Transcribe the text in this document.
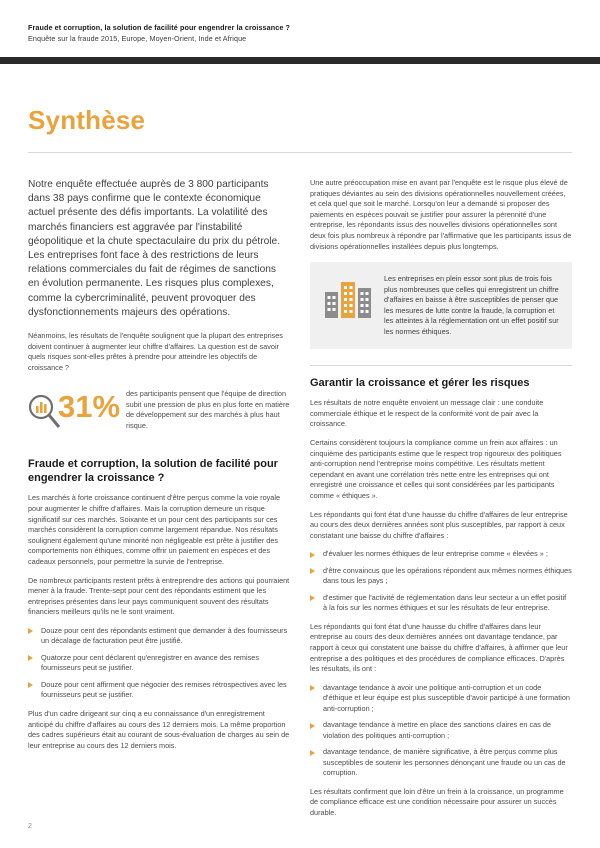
Fraude et corruption, la solution de facilité pour engendrer la croissance ?
Enquête sur la fraude 2015, Europe, Moyen-Orient, Inde et Afrique
Synthèse

Notre enquête effectuée auprès de 3 800 participants dans 38 pays confirme que le contexte économique actuel présente des défis importants. La volatilité des marchés financiers est aggravée par l'instabilité géopolitique et la chute spectaculaire du prix du pétrole. Les entreprises font face à des restrictions de leurs relations commerciales du fait de régimes de sanctions en évolution permanente. Les risques plus complexes, comme la cybercriminalité, peuvent provoquer des dysfonctionnements majeurs des opérations.

Néanmoins, les résultats de l'enquête soulignent que la plupart des entreprises doivent continuer à augmenter leur chiffre d'affaires. La question est de savoir quels risques sont-elles prêtes à prendre pour atteindre les objectifs de croissance ?

31% des participants pensent que l'équipe de direction subit une pression de plus en plus forte en matière de développement sur des marchés à plus haut risque.
Fraude et corruption, la solution de facilité pour engendrer la croissance ?

Les marchés à forte croissance continuent d'être perçus comme la voie royale pour augmenter le chiffre d'affaires. Mais la corruption demeure un risque significatif sur ces marchés. Soixante et un pour cent des participants sur ces marchés considèrent la corruption comme largement répandue. Nos résultats soulignent également qu'une minorité non négligeable est prête à justifier des comportements non éthiques, comme offrir un paiement en espèces et des cadeaux personnels, pour permettre la survie de l'entreprise.

De nombreux participants restent prêts à entreprendre des actions qui pourraient mener à la fraude. Trente-sept pour cent des répondants estiment que les entreprises présentes dans leur pays communiquent souvent des résultats financiers meilleurs qu'ils ne le sont vraiment.

Douze pour cent des répondants estiment que demander à des fournisseurs un décalage de facturation peut être justifié.
Quatorze pour cent déclarent qu'enregistrer en avance des remises fournisseurs peut se justifier.
Douze pour cent affirment que négocier des remises rétrospectives avec les fournisseurs peut se justifier.

Plus d'un cadre dirigeant sur cinq a eu connaissance d'un enregistrement anticipé du chiffre d'affaires au cours des 12 derniers mois. La même proportion des cadres supérieurs était au courant de sous-évaluation de charges au sein de leur entreprise au cours des 12 derniers mois.

Une autre préoccupation mise en avant par l'enquête est le risque plus élevé de pratiques déviantes au sein des divisions opérationnelles nouvellement créées, et cela quel que soit le marché. Lorsqu'on leur a demandé si proposer des paiements en espèces pouvait se justifier pour assurer la pérennité d'une entreprise, les répondants issus des nouvelles divisions opérationnelles sont deux fois plus nombreux à répondre par l'affirmative que les participants issus de divisions opérationnelles installées depuis plus longtemps.

Les entreprises en plein essor sont plus de trois fois plus nombreuses que celles qui enregistrent un chiffre d'affaires en baisse à être susceptibles de penser que les mesures de lutte contre la fraude, la corruption et les atteintes à la réglementation ont un effet positif sur les normes éthiques.
Garantir la croissance et gérer les risques

Les résultats de notre enquête envoient un message clair : une conduite commerciale éthique et le respect de la conformité vont de pair avec la croissance.

Certains considèrent toujours la compliance comme un frein aux affaires : un cinquième des participants estime que le respect trop rigoureux des politiques anti-corruption nend l'entreprise moins compétitive. Les résultats mettent cependant en avant une corrélation très nette entre les entreprises qui ont enregistré une croissance et celles qui sont considérées par les participants comme « éthiques ».

Les répondants qui font état d'une hausse du chiffre d'affaires de leur entreprise au cours des deux dernières années sont plus susceptibles, par rapport à ceux constatant une baisse du chiffre d'affaires :

d'évaluer les normes éthiques de leur entreprise comme « élevées » ;
d'être convaincus que les opérations répondent aux mêmes normes éthiques dans tous les pays ;
d'estimer que l'activité de réglementation dans leur secteur a un effet positif à la fois sur les normes éthiques et sur les résultats de leur entreprise.

Les répondants qui font état d'une hausse du chiffre d'affaires dans leur entreprise au cours des deux dernières années ont davantage tendance, par rapport à ceux qui constatent une baisse du chiffre d'affaires, à affirmer que leur entreprise a des politiques et des procédures de compliance efficaces. D'après les résultats, ils ont :

davantage tendance à avoir une politique anti-corruption et un code d'éthique et leur équipe est plus susceptible d'avoir participé à une formation anti-corruption ;
davantage tendance à mettre en place des sanctions claires en cas de violation des politiques anti-corruption ;
davantage tendance, de manière significative, à être perçus comme plus susceptibles de soutenir les personnes dénonçant une fraude ou un cas de corruption.

Les résultats confirment que loin d'être un frein à la croissance, un programme de compliance efficace est une condition nécessaire pour assurer un succès durable.

2
